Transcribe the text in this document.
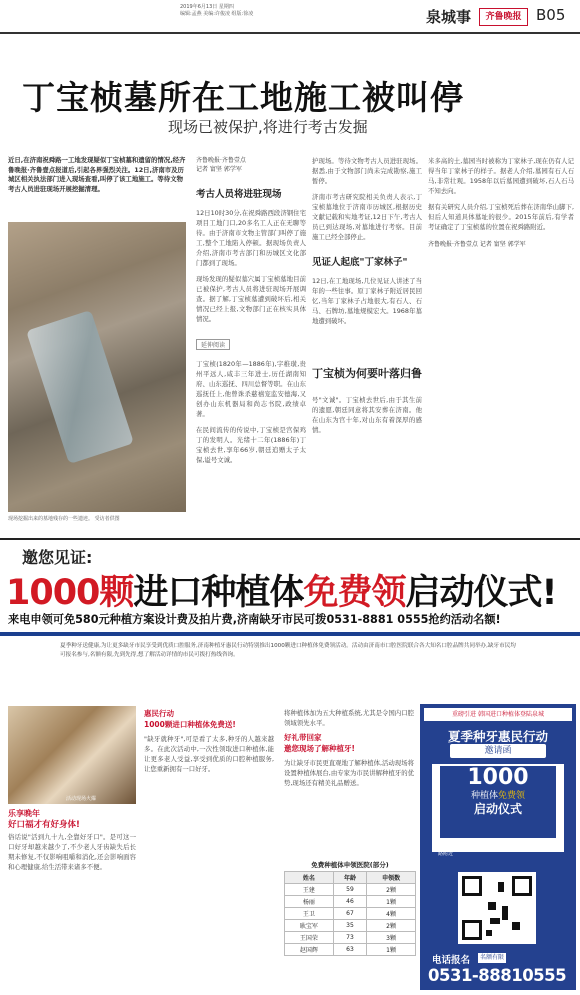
2019年6月13日 星期四
编辑:孟燕 美编:许俊凌 组版:徐凌	泉城事	齐鲁晚报 B05
丁宝桢墓所在工地施工被叫停
现场已被保护,将进行考古发掘
近日,在济南祝舜路一工地发现疑似丁宝桢墓和遗留的情况,经齐鲁晚报·齐鲁壹点报道后,引起各界强烈关注。12日,济南市及历城区相关执法部门进入现场查看,叫停了该工地施工。等待文物考古人员进驻现场开展挖掘清理。
现场挖掘出来的墓地残存的一些遗迹。 受访者供图
齐鲁晚报·齐鲁壹点
记者 甯坚 郭学军
考古人员将进驻现场
12日10时30分,在祝舜路西段济钢住宅项目工地门口,20多名工人正在无聊等待。由于济南市文物主管部门叫停了施工,整个工地陷入停顿。据现场负责人介绍,济南市考古部门和历城区文化部门都到了现场。
现场发现的疑似墓穴属丁宝桢墓地目前已被保护,考古人员将进驻现场开展调查。据了解,丁宝桢墓遭到破坏后,相关情况已经上报,文物部门正在核实具体情况。
延伸阅读
丁宝桢(1820年—1886年),字稚璜,贵州平远人,咸丰三年进士,历任湖南知府、山东巡抚、四川总督等职。在山东巡抚任上,他曾诛杀慈禧宠监安德海,又创办山东机器局和尚志书院,政绩卓著。
在民间流传的传说中,丁宝桢是宫保鸡丁的发明人。光绪十二年(1886年)丁宝桢去世,享年66岁,朝廷追赠太子太保,谥号文诚。
护现场。等待文物考古人员进驻现场。据悉,由于文物部门尚未完成勘察,施工暂停。
济南市考古研究院相关负责人表示,丁宝桢墓地位于济南市历城区,根据历史文献记载和实地考证,12日下午,考古人员已到达现场,对墓地进行考察。目前施工已经全部停止。
见证人起底"丁家林子"
12日,在工地现场,几位见证人讲述了当年的一些往事。原丁家林子附近居民回忆,当年丁家林子占地很大,有石人、石马、石牌坊,墓地规模宏大。1968年墓地遭到破坏。
丁宝桢为何要叶落归鲁
号"文诚"。丁宝桢去世后,由于其生前的遗愿,朝廷同意将其安葬在济南。他在山东为官十年,对山东有着深厚的感情。
米多高的土,墓园当时被称为丁家林子,现在仍有人记得当年丁家林子的样子。据老人介绍,墓园有石人石马,非常壮观。1958年以后墓园遭到破坏,石人石马不知去向。
据有关研究人员介绍,丁宝桢死后葬在济南华山脚下,但后人知道具体墓址的很少。2015年前后,有学者考证确定了丁宝桢墓的位置在祝舜路附近。
齐鲁晚报·齐鲁壹点 记者 甯坚 郭学军
邀您见证:
1000颗进口种植体免费领启动仪式!
来电申领可免580元种植方案设计费及拍片费,济南缺牙市民可拨0531-8881 0555抢约活动名额!
夏季种牙送健康,为让更多缺牙市民享受到优质口腔服务,济南种植牙惠民行动特别推出1000颗进口种植体免费领活动。活动由济南市口腔医院联合各大知名口腔品牌共同举办,缺牙市民均可报名参与,名额有限,先到先得,想了解活动详情的市民可拨打热线咨询。
活动现场火爆
乐享晚年
好口福才有好身体!
俗话说"活到九十九,全靠好牙口"。是可这一口好牙却越来越少了,不少老人牙齿缺失后长期未修复,不仅影响咀嚼和消化,还会影响面容和心理健康,给生活带来诸多不便。
惠民行动
1000颗进口种植体免费送!
"缺牙就种牙",可是看了太多,种牙的人越来越多。在此次活动中,一次性领取进口种植体,能让更多老人受益,享受到优质的口腔种植服务,让您重新拥有一口好牙。
将种植体加为五大种植系统,尤其是令国内口腔领域领先水平。
好礼带回家
邀您现场了解种植牙!
为让缺牙市民更直观地了解种植体,活动现场将设置种植体展台,由专家为市民讲解种植牙的优势,现场还有精美礼品赠送。
免费种植体申领医院(部分)
姓名	年龄	申领数
王建	59	2颗
杨丽	46	1颗
王卫	67	4颗
耿宝军	35	2颗
王国荣	73	3颗
赵国辉	63	1颗
重磅引进 韩国进口种植体登陆泉城
夏季种牙惠民行动
邀请函
1000
种植体免费领
启动仪式
时间:2019年6月15日上午9:30 地点:济南市历城区祝舜路附近
电话报名	名额有限
0531-88810555
